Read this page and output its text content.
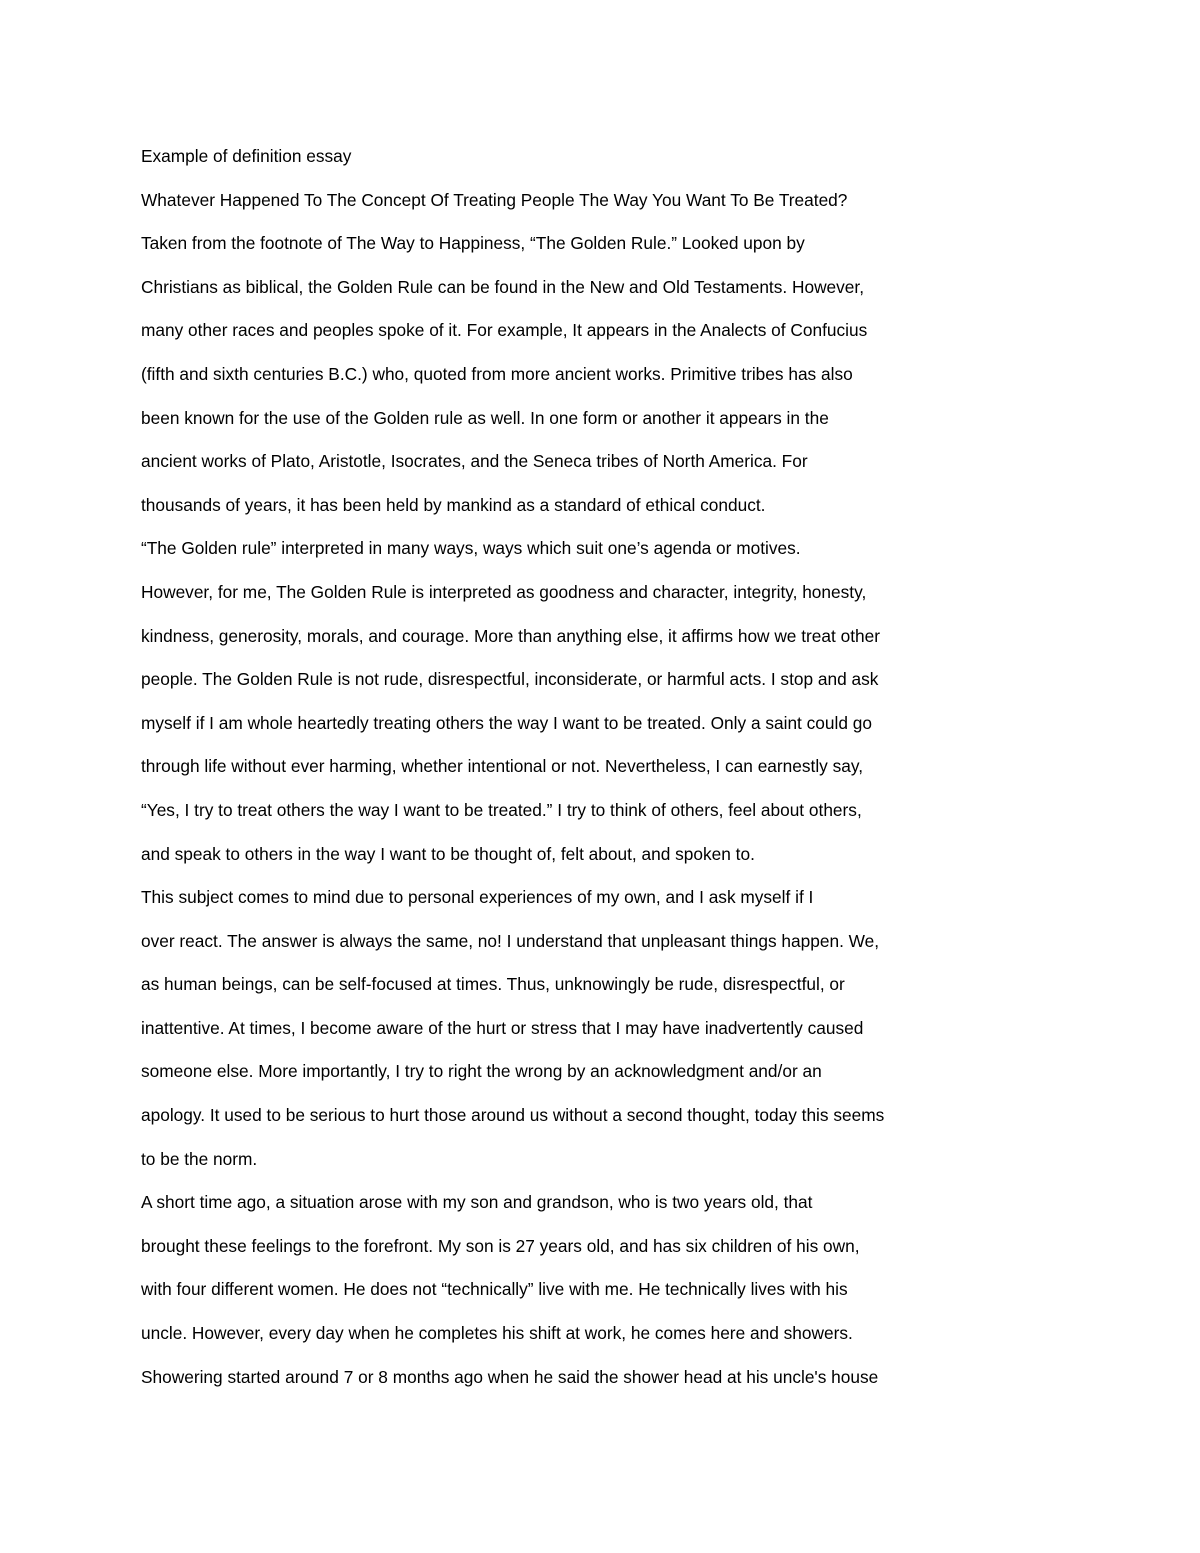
Example of definition essay
Whatever Happened To The Concept Of Treating People The Way You Want To Be Treated?
Taken from the footnote of The Way to Happiness, “The Golden Rule.” Looked upon by
Christians as biblical, the Golden Rule can be found in the New and Old Testaments. However,
many other races and peoples spoke of it. For example, It appears in the Analects of Confucius
(fifth and sixth centuries B.C.) who, quoted from more ancient works. Primitive tribes has also
been known for the use of the Golden rule as well. In one form or another it appears in the
ancient works of Plato, Aristotle, Isocrates, and the Seneca tribes of North America. For
thousands of years, it has been held by mankind as a standard of ethical conduct.
“The Golden rule” interpreted in many ways, ways which suit one’s agenda or motives.
However, for me, The Golden Rule is interpreted as goodness and character, integrity, honesty,
kindness, generosity, morals, and courage. More than anything else, it affirms how we treat other
people. The Golden Rule is not rude, disrespectful, inconsiderate, or harmful acts. I stop and ask
myself if I am whole heartedly treating others the way I want to be treated. Only a saint could go
through life without ever harming, whether intentional or not. Nevertheless, I can earnestly say,
“Yes, I try to treat others the way I want to be treated.” I try to think of others, feel about others,
and speak to others in the way I want to be thought of, felt about, and spoken to.
This subject comes to mind due to personal experiences of my own, and I ask myself if I
over react. The answer is always the same, no! I understand that unpleasant things happen. We,
as human beings, can be self-focused at times. Thus, unknowingly be rude, disrespectful, or
inattentive. At times, I become aware of the hurt or stress that I may have inadvertently caused
someone else. More importantly, I try to right the wrong by an acknowledgment and/or an
apology. It used to be serious to hurt those around us without a second thought, today this seems
to be the norm.
A short time ago, a situation arose with my son and grandson, who is two years old, that
brought these feelings to the forefront. My son is 27 years old, and has six children of his own,
with four different women. He does not “technically” live with me. He technically lives with his
uncle. However, every day when he completes his shift at work, he comes here and showers.
Showering started around 7 or 8 months ago when he said the shower head at his uncle's house
